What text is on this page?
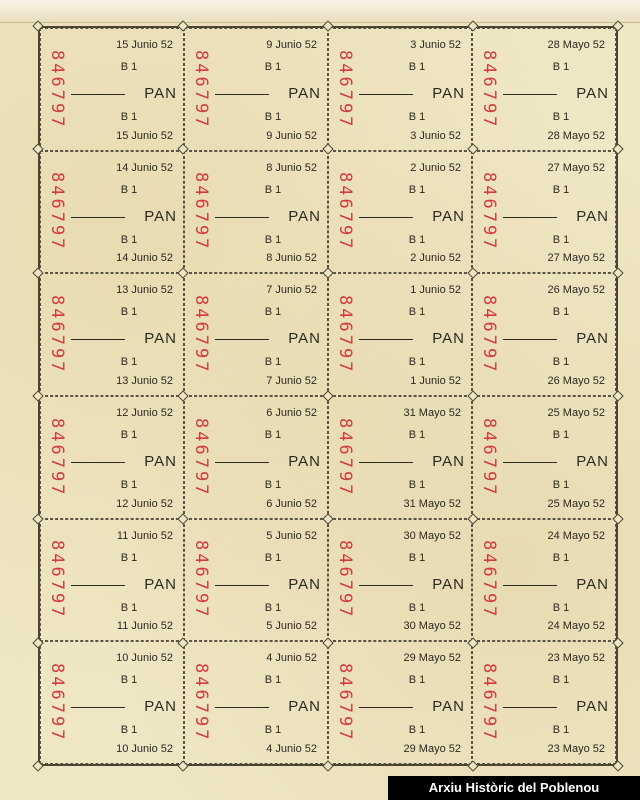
846797
15 Junio 52
B 1
PAN
B 1
15 Junio 52
846797
9 Junio 52
B 1
PAN
B 1
9 Junio 52
846797
3 Junio 52
B 1
PAN
B 1
3 Junio 52
846797
28 Mayo 52
B 1
PAN
B 1
28 Mayo 52
846797
14 Junio 52
B 1
PAN
B 1
14 Junio 52
846797
8 Junio 52
B 1
PAN
B 1
8 Junio 52
846797
2 Junio 52
B 1
PAN
B 1
2 Junio 52
846797
27 Mayo 52
B 1
PAN
B 1
27 Mayo 52
846797
13 Junio 52
B 1
PAN
B 1
13 Junio 52
846797
7 Junio 52
B 1
PAN
B 1
7 Junio 52
846797
1 Junio 52
B 1
PAN
B 1
1 Junio 52
846797
26 Mayo 52
B 1
PAN
B 1
26 Mayo 52
846797
12 Junio 52
B 1
PAN
B 1
12 Junio 52
846797
6 Junio 52
B 1
PAN
B 1
6 Junio 52
846797
31 Mayo 52
B 1
PAN
B 1
31 Mayo 52
846797
25 Mayo 52
B 1
PAN
B 1
25 Mayo 52
846797
11 Junio 52
B 1
PAN
B 1
11 Junio 52
846797
5 Junio 52
B 1
PAN
B 1
5 Junio 52
846797
30 Mayo 52
B 1
PAN
B 1
30 Mayo 52
846797
24 Mayo 52
B 1
PAN
B 1
24 Mayo 52
846797
10 Junio 52
B 1
PAN
B 1
10 Junio 52
846797
4 Junio 52
B 1
PAN
B 1
4 Junio 52
846797
29 Mayo 52
B 1
PAN
B 1
29 Mayo 52
846797
23 Mayo 52
B 1
PAN
B 1
23 Mayo 52
Arxiu Històric del Poblenou
